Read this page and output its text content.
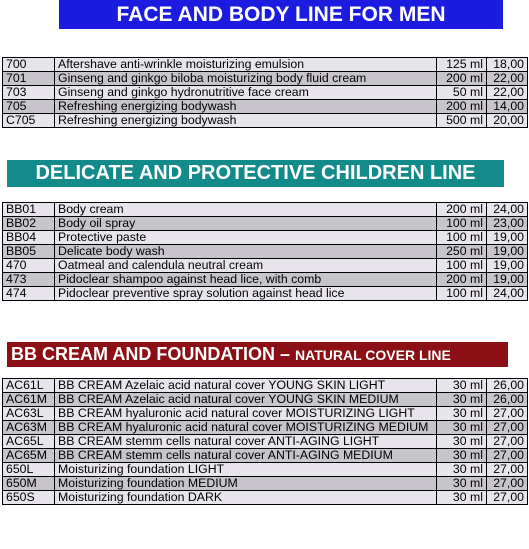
FACE AND BODY LINE FOR MEN
700	Aftershave anti-wrinkle moisturizing emulsion	125 ml	18,00
701	Ginseng and ginkgo biloba moisturizing body fluid cream	200 ml	22,00
703	Ginseng and ginkgo hydronutritive face cream	50 ml	22,00
705	Refreshing energizing bodywash	200 ml	14,00
C705	Refreshing energizing bodywash	500 ml	20,00
DELICATE AND PROTECTIVE CHILDREN LINE
BB01	Body cream	200 ml	24,00
BB02	Body oil spray	100 ml	23,00
BB04	Protective paste	100 ml	19,00
BB05	Delicate body wash	250 ml	19,00
470	Oatmeal and calendula neutral cream	100 ml	19,00
473	Pidoclear shampoo against head lice, with comb	200 ml	19,00
474	Pidoclear preventive spray solution against head lice	100 ml	24,00
BB CREAM AND FOUNDATION –
NATURAL COVER LINE
AC61L	BB CREAM Azelaic acid natural cover YOUNG SKIN LIGHT	30 ml	26,00
AC61M	BB CREAM Azelaic acid natural cover YOUNG SKIN MEDIUM	30 ml	26,00
AC63L	BB CREAM hyaluronic acid natural cover MOISTURIZING LIGHT	30 ml	27,00
AC63M	BB CREAM hyaluronic acid natural cover MOISTURIZING MEDIUM	30 ml	27,00
AC65L	BB CREAM stemm cells natural cover ANTI-AGING LIGHT	30 ml	27,00
AC65M	BB CREAM stemm cells natural cover ANTI-AGING MEDIUM	30 ml	27,00
650L	Moisturizing foundation LIGHT	30 ml	27,00
650M	Moisturizing foundation MEDIUM	30 ml	27,00
650S	Moisturizing foundation DARK	30 ml	27,00
